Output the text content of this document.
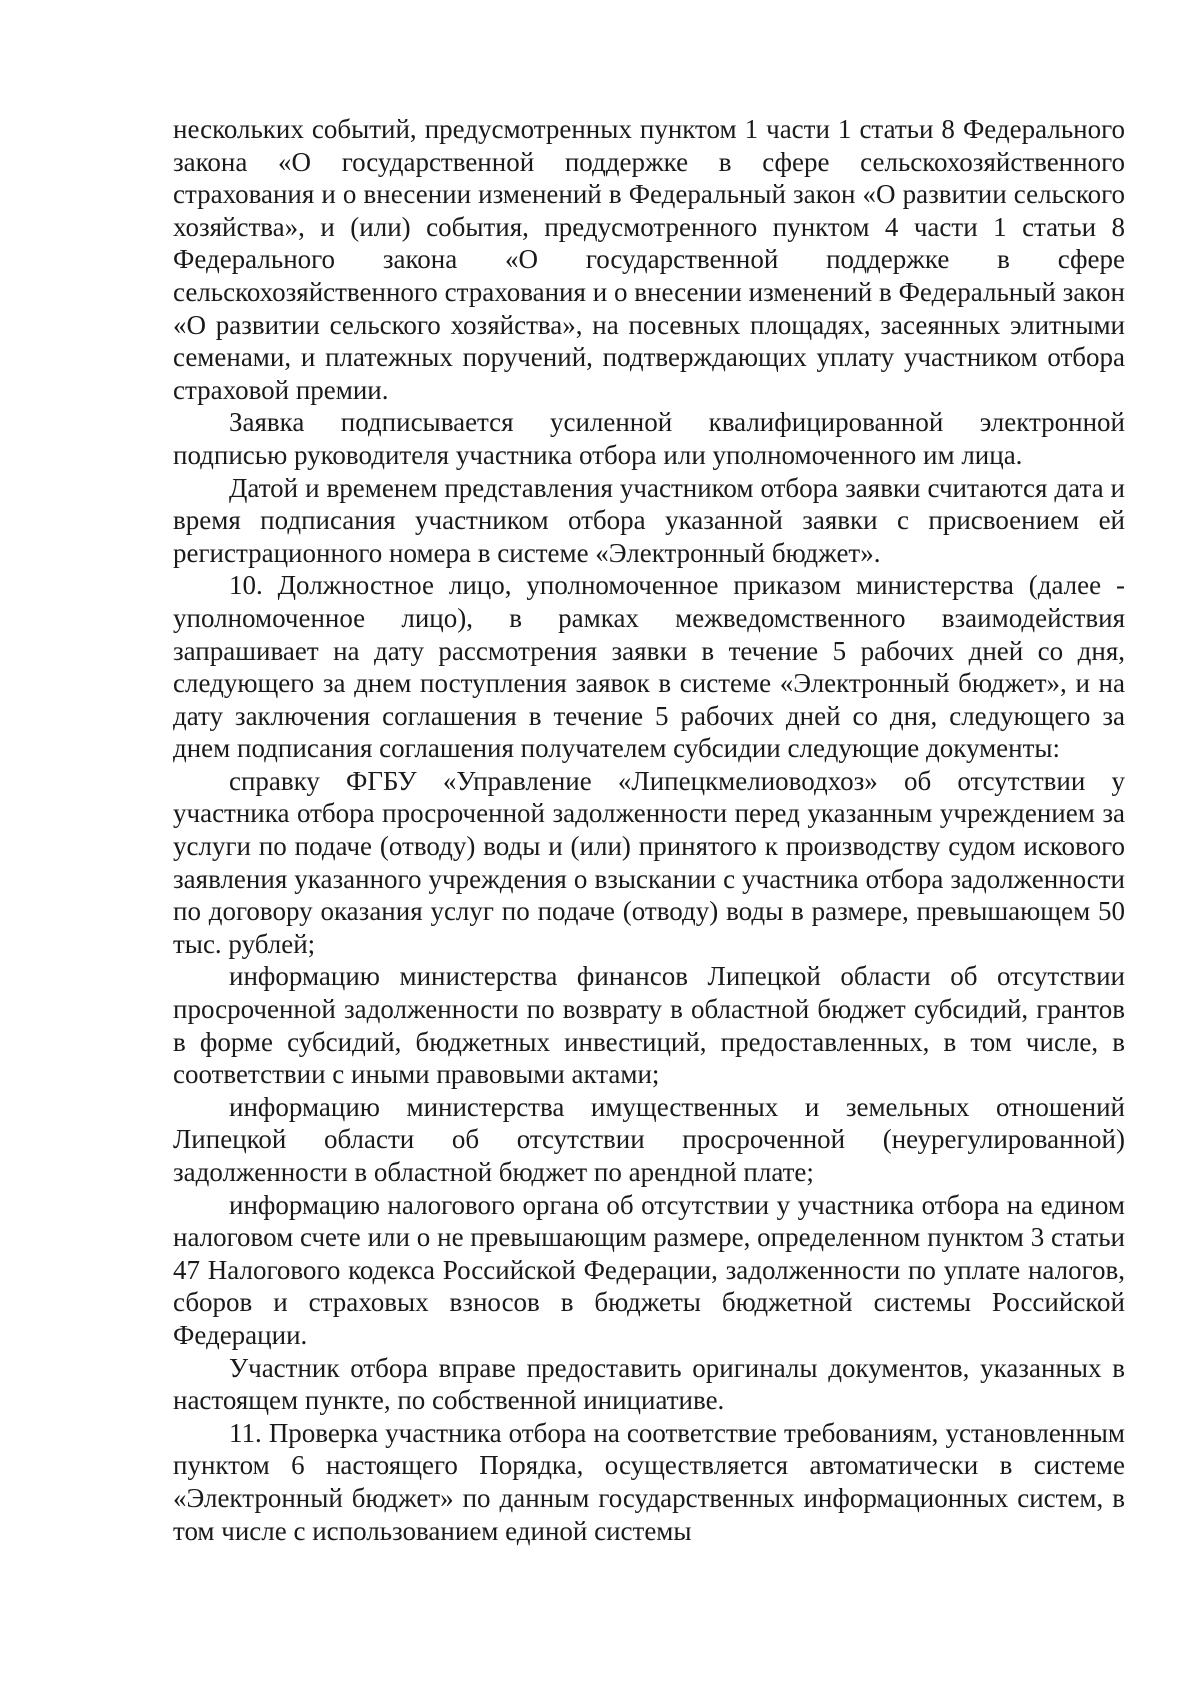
нескольких событий, предусмотренных пунктом 1 части 1 статьи 8 Федерального закона «О государственной поддержке в сфере сельскохозяйственного страхования и о внесении изменений в Федеральный закон «О развитии сельского хозяйства», и (или) события, предусмотренного пунктом 4 части 1 статьи 8 Федерального закона «О государственной поддержке в сфере сельскохозяйственного страхования и о внесении изменений в Федеральный закон «О развитии сельского хозяйства», на посевных площадях, засеянных элитными семенами, и платежных поручений, подтверждающих уплату участником отбора страховой премии.

Заявка подписывается усиленной квалифицированной электронной подписью руководителя участника отбора или уполномоченного им лица.

Датой и временем представления участником отбора заявки считаются дата и время подписания участником отбора указанной заявки с присвоением ей регистрационного номера в системе «Электронный бюджет».

10. Должностное лицо, уполномоченное приказом министерства (далее - уполномоченное лицо), в рамках межведомственного взаимодействия запрашивает на дату рассмотрения заявки в течение 5 рабочих дней со дня, следующего за днем поступления заявок в системе «Электронный бюджет», и на дату заключения соглашения в течение 5 рабочих дней со дня, следующего за днем подписания соглашения получателем субсидии следующие документы:

справку ФГБУ «Управление «Липецкмелиоводхоз» об отсутствии у участника отбора просроченной задолженности перед указанным учреждением за услуги по подаче (отводу) воды и (или) принятого к производству судом искового заявления указанного учреждения о взыскании с участника отбора задолженности по договору оказания услуг по подаче (отводу) воды в размере, превышающем 50 тыс. рублей;

информацию министерства финансов Липецкой области об отсутствии просроченной задолженности по возврату в областной бюджет субсидий, грантов в форме субсидий, бюджетных инвестиций, предоставленных, в том числе, в соответствии с иными правовыми актами;

информацию министерства имущественных и земельных отношений Липецкой области об отсутствии просроченной (неурегулированной) задолженности в областной бюджет по арендной плате;

информацию налогового органа об отсутствии у участника отбора на едином налоговом счете или о не превышающим размере, определенном пунктом 3 статьи 47 Налогового кодекса Российской Федерации, задолженности по уплате налогов, сборов и страховых взносов в бюджеты бюджетной системы Российской Федерации.

Участник отбора вправе предоставить оригиналы документов, указанных в настоящем пункте, по собственной инициативе.

11. Проверка участника отбора на соответствие требованиям, установленным пунктом 6 настоящего Порядка, осуществляется автоматически в системе «Электронный бюджет» по данным государственных информационных систем, в том числе с использованием единой системы
